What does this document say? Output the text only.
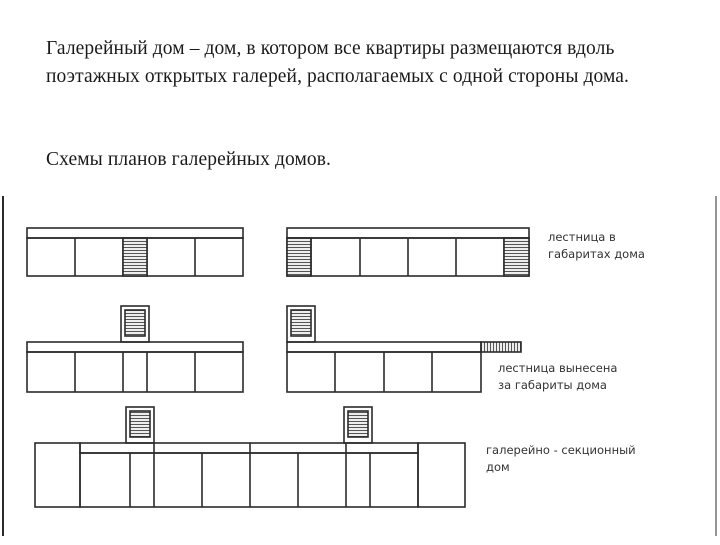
Галерейный дом – дом, в котором все квартиры размещаются вдоль поэтажных открытых галерей, располагаемых с одной стороны дома.

Схемы планов галерейных домов.

лестница в
габаритах дома
лестница вынесена
за габариты дома
галерейно - секционный
дом
